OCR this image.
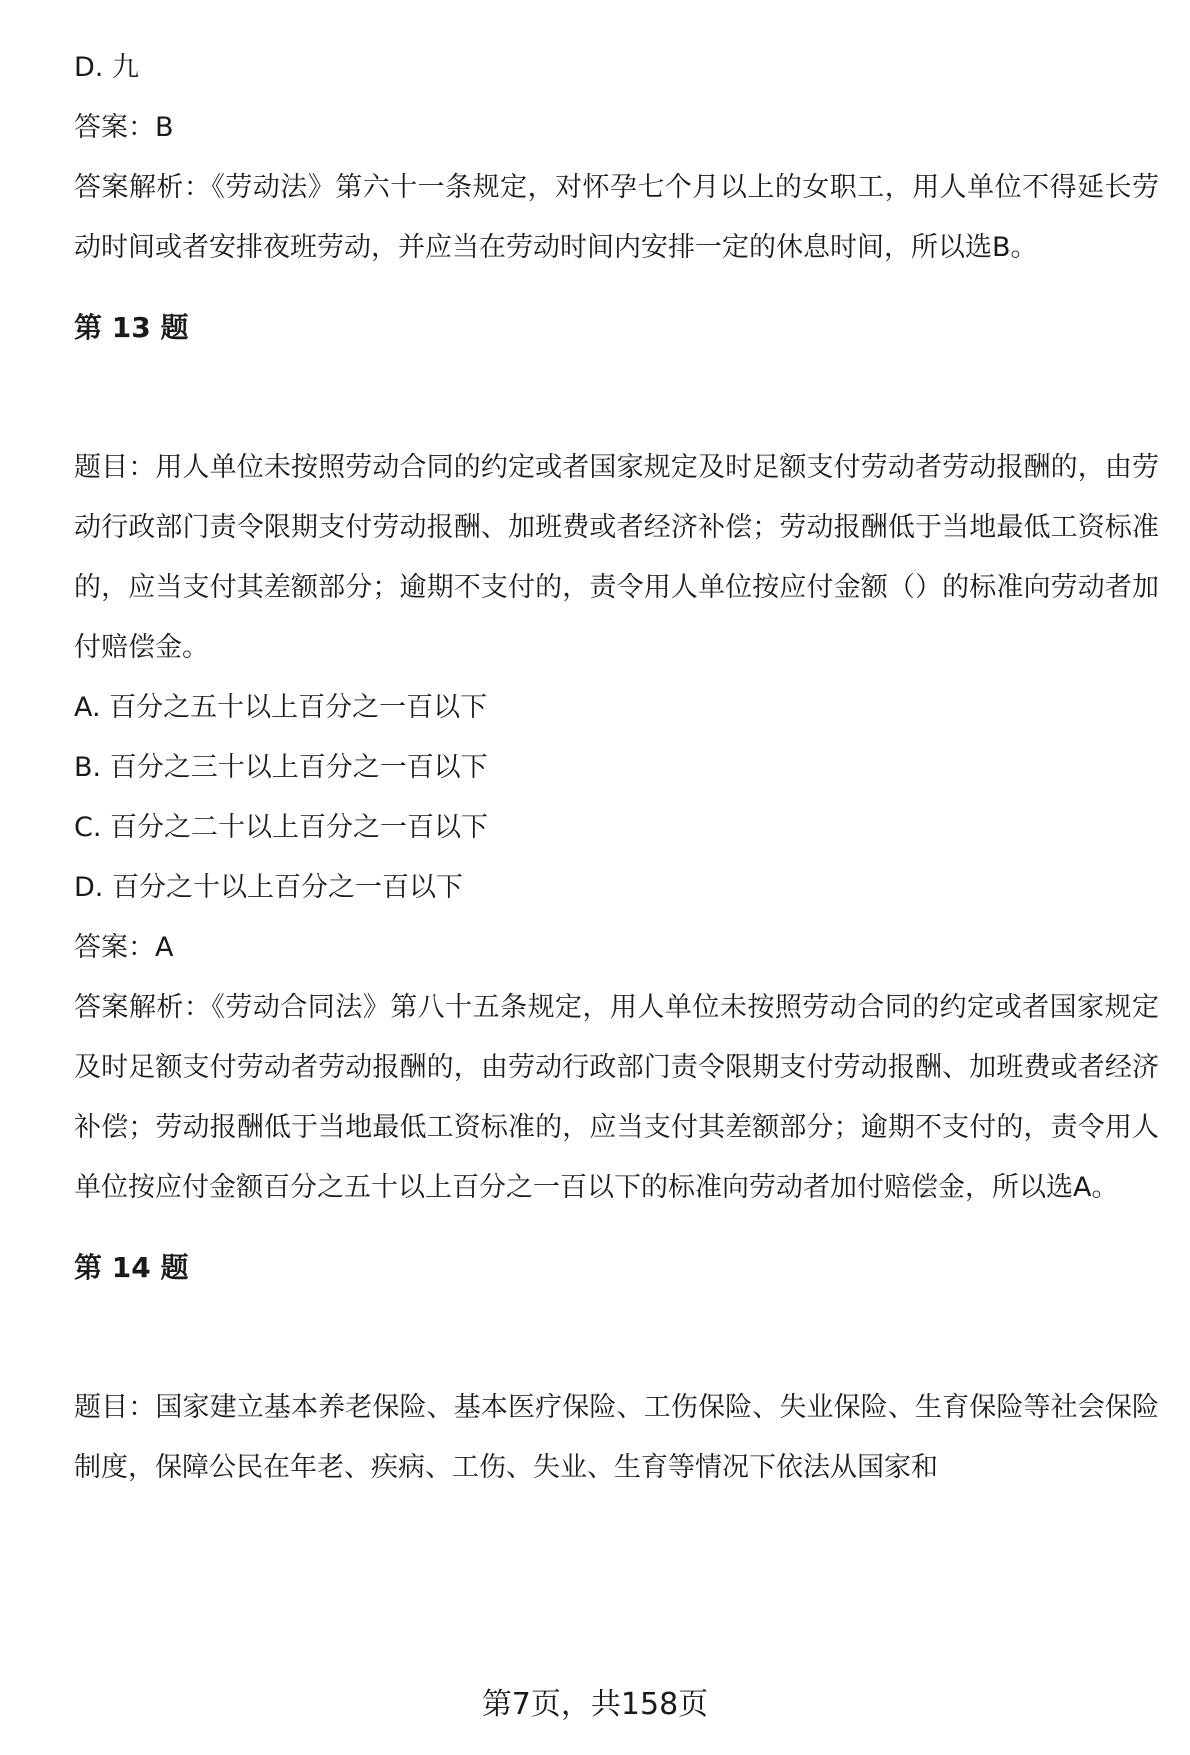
D. 九
答案：B
答案解析：《劳动法》第六十一条规定，对怀孕七个月以上的女职工，用人单位不得延长劳动时间或者安排夜班劳动，并应当在劳动时间内安排一定的休息时间，所以选B。
第 13 题
题目：用人单位未按照劳动合同的约定或者国家规定及时足额支付劳动者劳动报酬的，由劳动行政部门责令限期支付劳动报酬、加班费或者经济补偿；劳动报酬低于当地最低工资标准的，应当支付其差额部分；逾期不支付的，责令用人单位按应付金额（）的标准向劳动者加付赔偿金。
A. 百分之五十以上百分之一百以下
B. 百分之三十以上百分之一百以下
C. 百分之二十以上百分之一百以下
D. 百分之十以上百分之一百以下
答案：A
答案解析：《劳动合同法》第八十五条规定，用人单位未按照劳动合同的约定或者国家规定及时足额支付劳动者劳动报酬的，由劳动行政部门责令限期支付劳动报酬、加班费或者经济补偿；劳动报酬低于当地最低工资标准的，应当支付其差额部分；逾期不支付的，责令用人单位按应付金额百分之五十以上百分之一百以下的标准向劳动者加付赔偿金，所以选A。
第 14 题
题目：国家建立基本养老保险、基本医疗保险、工伤保险、失业保险、生育保险等社会保险制度，保障公民在年老、疾病、工伤、失业、生育等情况下依法从国家和
第7页，共158页
